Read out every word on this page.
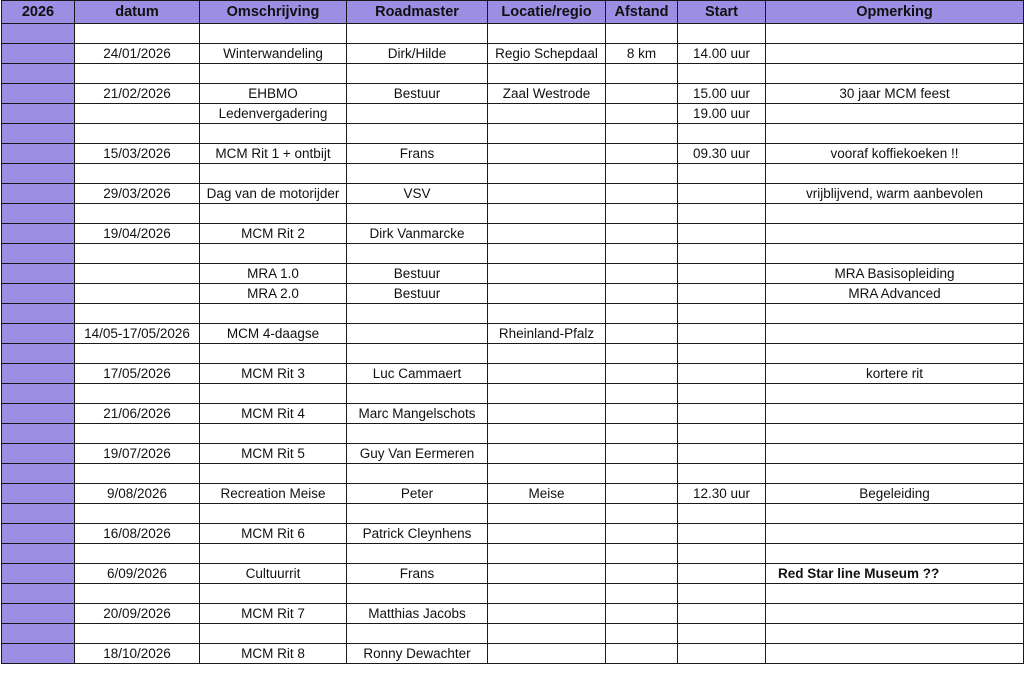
2026	datum	Omschrijving	Roadmaster	Locatie/regio	Afstand	Start	Opmerking

	24/01/2026	Winterwandeling	Dirk/Hilde	Regio Schepdaal	8 km	14.00 uur	

	21/02/2026	EHBMO	Bestuur	Zaal Westrode		15.00 uur	30 jaar MCM feest
		Ledenvergadering				19.00 uur	

	15/03/2026	MCM Rit 1 + ontbijt	Frans			09.30 uur	vooraf koffiekoeken !!

	29/03/2026	Dag van de motorijder	VSV				vrijblijvend, warm aanbevolen

	19/04/2026	MCM Rit 2	Dirk Vanmarcke				

		MRA 1.0	Bestuur				MRA Basisopleiding
		MRA 2.0	Bestuur				MRA Advanced

	14/05-17/05/2026	MCM 4-daagse		Rheinland-Pfalz			

	17/05/2026	MCM Rit 3	Luc Cammaert				kortere rit

	21/06/2026	MCM Rit 4	Marc Mangelschots				

	19/07/2026	MCM Rit 5	Guy Van Eermeren				

	9/08/2026	Recreation Meise	Peter	Meise		12.30 uur	Begeleiding

	16/08/2026	MCM Rit 6	Patrick Cleynhens				

	6/09/2026	Cultuurrit	Frans				Red Star line Museum ??

	20/09/2026	MCM Rit 7	Matthias Jacobs				

	18/10/2026	MCM Rit 8	Ronny Dewachter				
